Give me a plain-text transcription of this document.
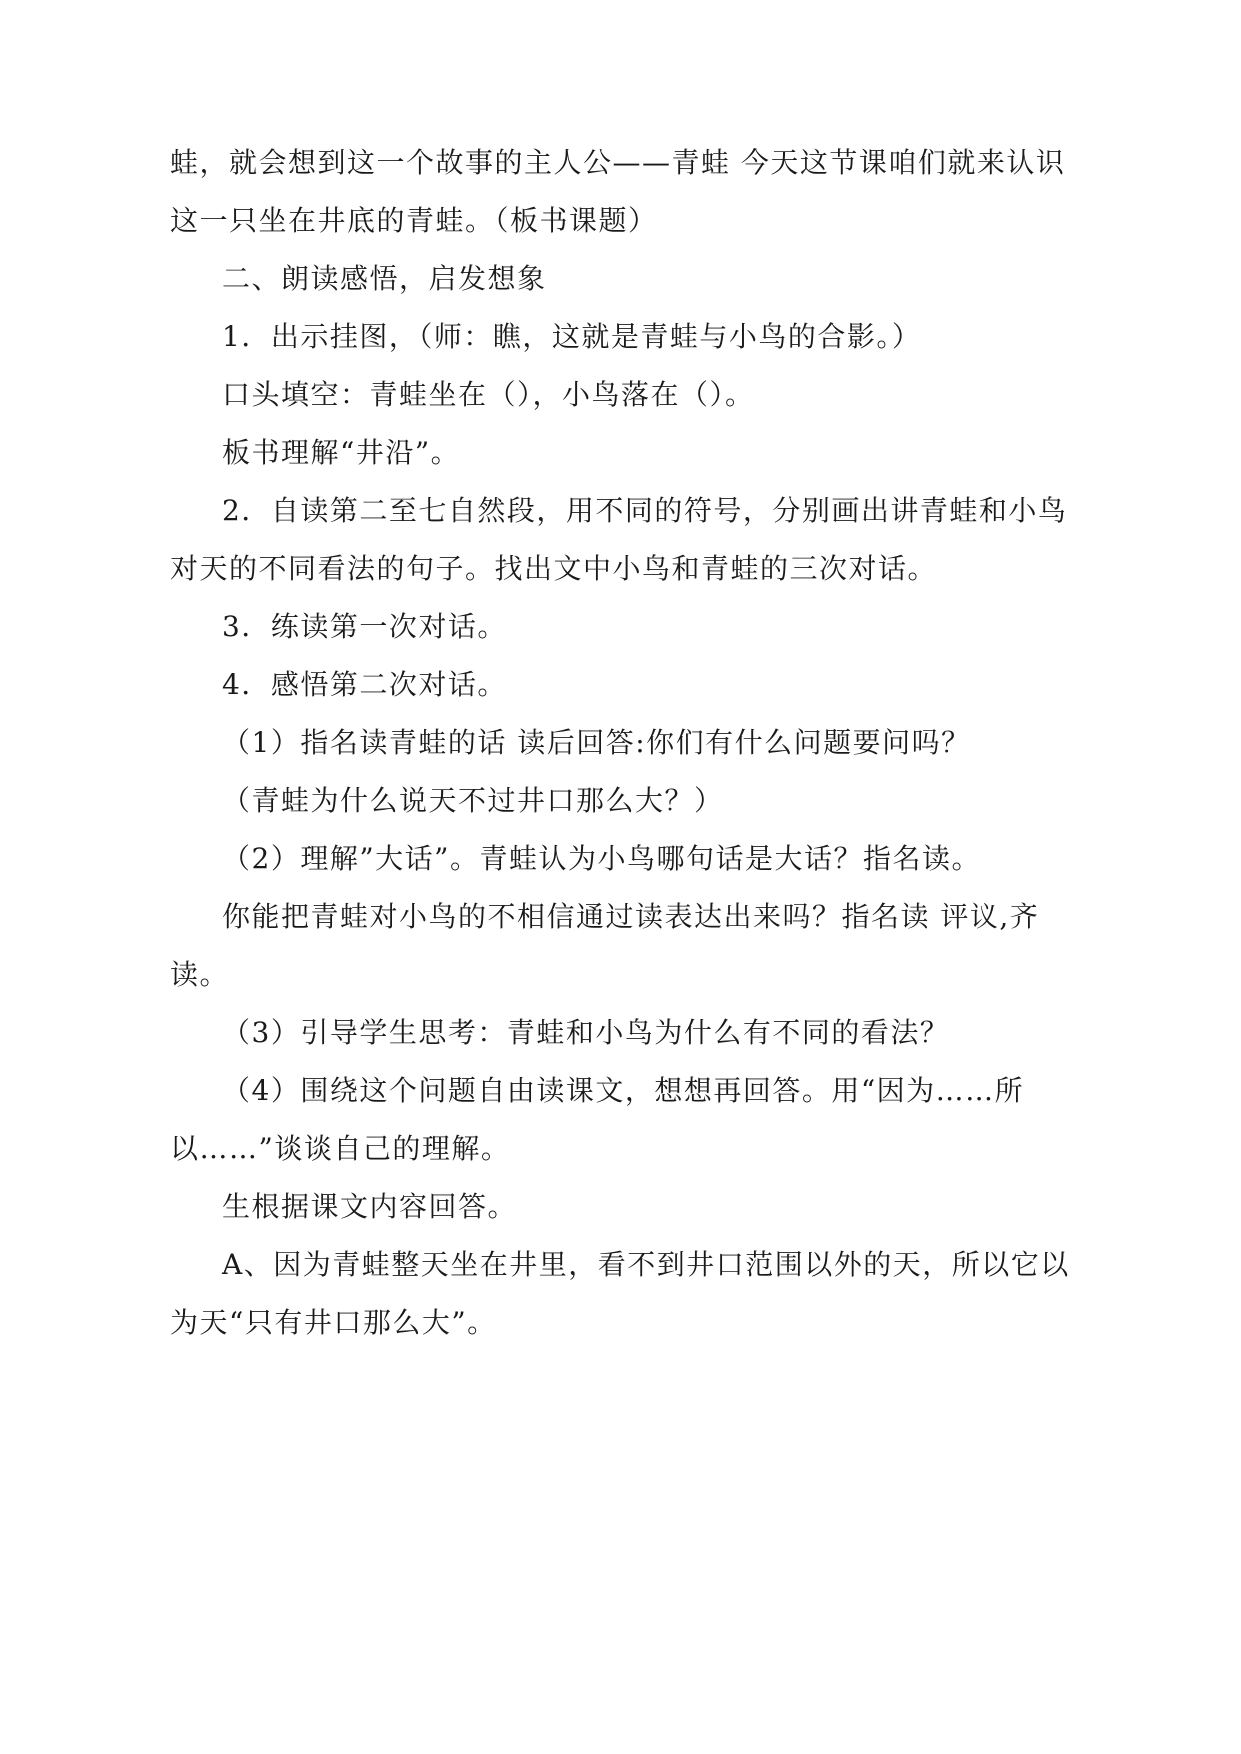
蛙，就会想到这一个故事的主人公——青蛙 今天这节课咱们就来认识
这一只坐在井底的青蛙。（板书课题）
二、朗读感悟，启发想象
1．出示挂图，（师：瞧，这就是青蛙与小鸟的合影。）
口头填空：青蛙坐在（），小鸟落在（）。
板书理解“井沿”。
2．自读第二至七自然段，用不同的符号，分别画出讲青蛙和小鸟
对天的不同看法的句子。找出文中小鸟和青蛙的三次对话。
3．练读第一次对话。
4．感悟第二次对话。
（1）指名读青蛙的话 读后回答:你们有什么问题要问吗？
（青蛙为什么说天不过井口那么大？）
（2）理解”大话”。青蛙认为小鸟哪句话是大话？指名读。
你能把青蛙对小鸟的不相信通过读表达出来吗？指名读 评议,齐
读。
（3）引导学生思考：青蛙和小鸟为什么有不同的看法？
（4）围绕这个问题自由读课文，想想再回答。用“因为……所
以……”谈谈自己的理解。
生根据课文内容回答。
A、因为青蛙整天坐在井里，看不到井口范围以外的天，所以它以
为天“只有井口那么大”。
